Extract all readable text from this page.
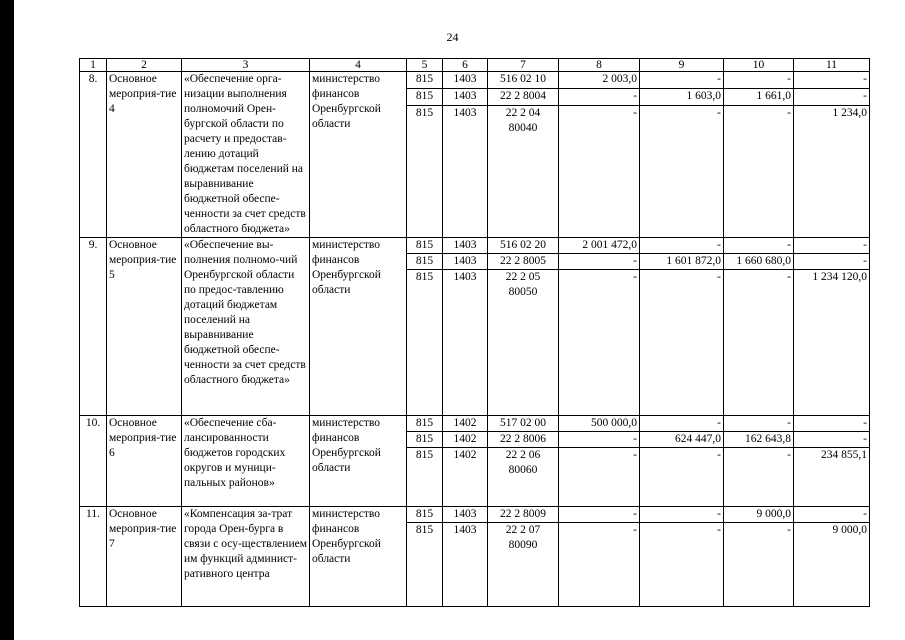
24
1	2	3	4	5	6	7	8	9	10	11
8.	Основное мероприя-тие 4	«Обеспечение орга-низации выполнения полномочий Орен-бургской области по расчету и предостав-лению дотаций бюджетам поселений на выравнивание бюджетной обеспе-ченности за счет средств областного бюджета»	министерство финансов Оренбургской области	815	1403	516 02 10	2 003,0	-	-	-
				815	1403	22 2 8004	-	1 603,0	1 661,0	-
				815	1403	22 2 04 80040	-	-	-	1 234,0
9.	Основное мероприя-тие 5	«Обеспечение вы-полнения полномо-чий Оренбургской области по предос-тавлению дотаций бюджетам поселений на выравнивание бюджетной обеспе-ченности за счет средств областного бюджета»	министерство финансов Оренбургской области	815	1403	516 02 20	2 001 472,0	-	-	-
				815	1403	22 2 8005	-	1 601 872,0	1 660 680,0	-
				815	1403	22 2 05 80050	-	-	-	1 234 120,0
10.	Основное мероприя-тие 6	«Обеспечение сба-лансированности бюджетов городских округов и муници-пальных районов»	министерство финансов Оренбургской области	815	1402	517 02 00	500 000,0	-	-	-
				815	1402	22 2 8006	-	624 447,0	162 643,8	-
				815	1402	22 2 06 80060	-	-	-	234 855,1
11.	Основное мероприя-тие 7	«Компенсация за-трат города Орен-бурга в связи с осу-ществлением им функций админист-ративного центра	министерство финансов Оренбургской области	815	1403	22 2 8009	-	-	9 000,0	-
				815	1403	22 2 07 80090	-	-	-	9 000,0
